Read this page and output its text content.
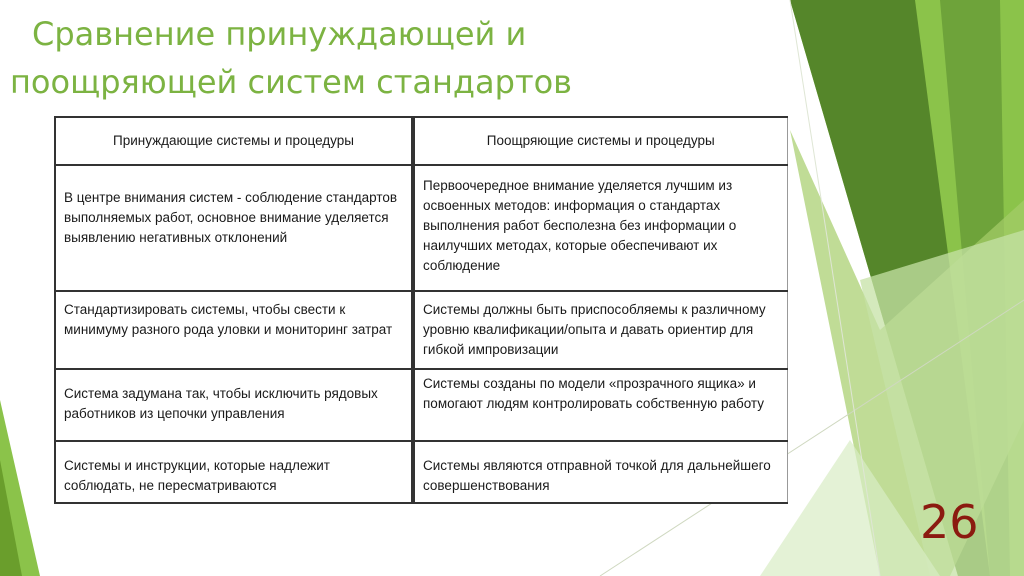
Сравнение принуждающей и
поощряющей систем стандартов
Принуждающие системы и процедуры	Поощряющие системы и процедуры
В центре внимания систем - соблюдение стандартов выполняемых работ, основное внимание уделяется выявлению негативных отклонений	Первоочередное внимание уделяется лучшим из освоенных методов: информация о стандартах выполнения работ бесполезна без информации о наилучших методах, которые обеспечивают их соблюдение
Стандартизировать системы, чтобы свести к минимуму разного рода уловки и мониторинг затрат	Системы должны быть приспособляемы к различному уровню квалификации/опыта и давать ориентир для гибкой импровизации
Система задумана так, чтобы исключить рядовых работников из цепочки управления	Системы созданы по модели «прозрачного ящика» и помогают людям контролировать собственную работу
Системы и инструкции, которые надлежит соблюдать, не пересматриваются	Системы являются отправной точкой для дальнейшего совершенствования
26
